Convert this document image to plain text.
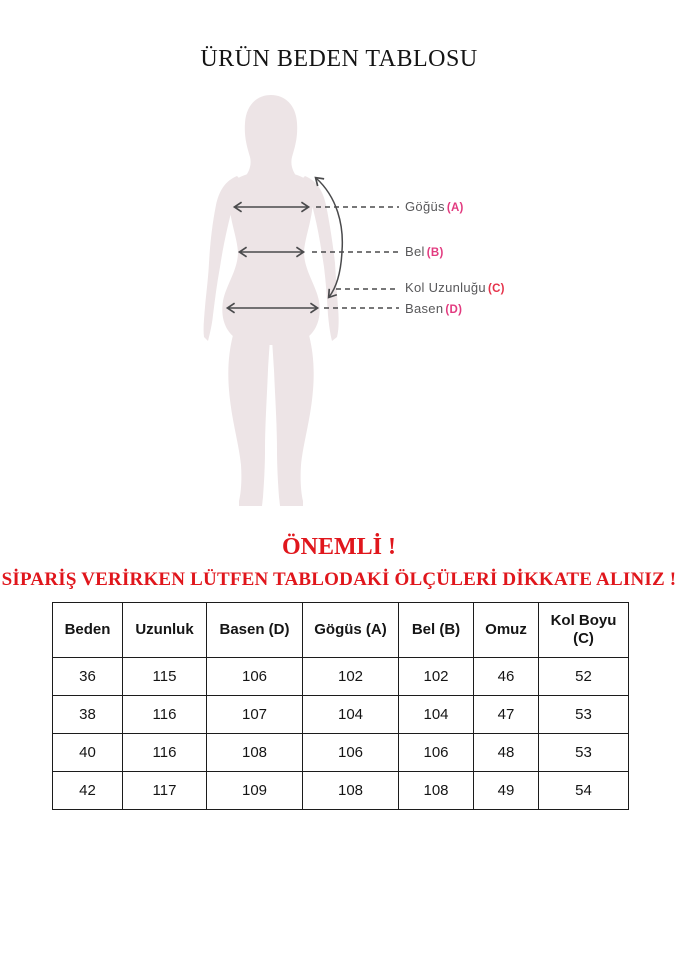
ÜRÜN BEDEN TABLOSU
Göğüs (A)
Bel (B)
Kol Uzunluğu (C)
Basen (D)
ÖNEMLİ !

SİPARİŞ VERİRKEN LÜTFEN TABLODAKİ ÖLÇÜLERİ DİKKATE ALINIZ !

Beden	Uzunluk	Basen (D)	Gögüs (A)	Bel (B)	Omuz	Kol Boyu (C)
36	115	106	102	102	46	52
38	116	107	104	104	47	53
40	116	108	106	106	48	53
42	117	109	108	108	49	54
